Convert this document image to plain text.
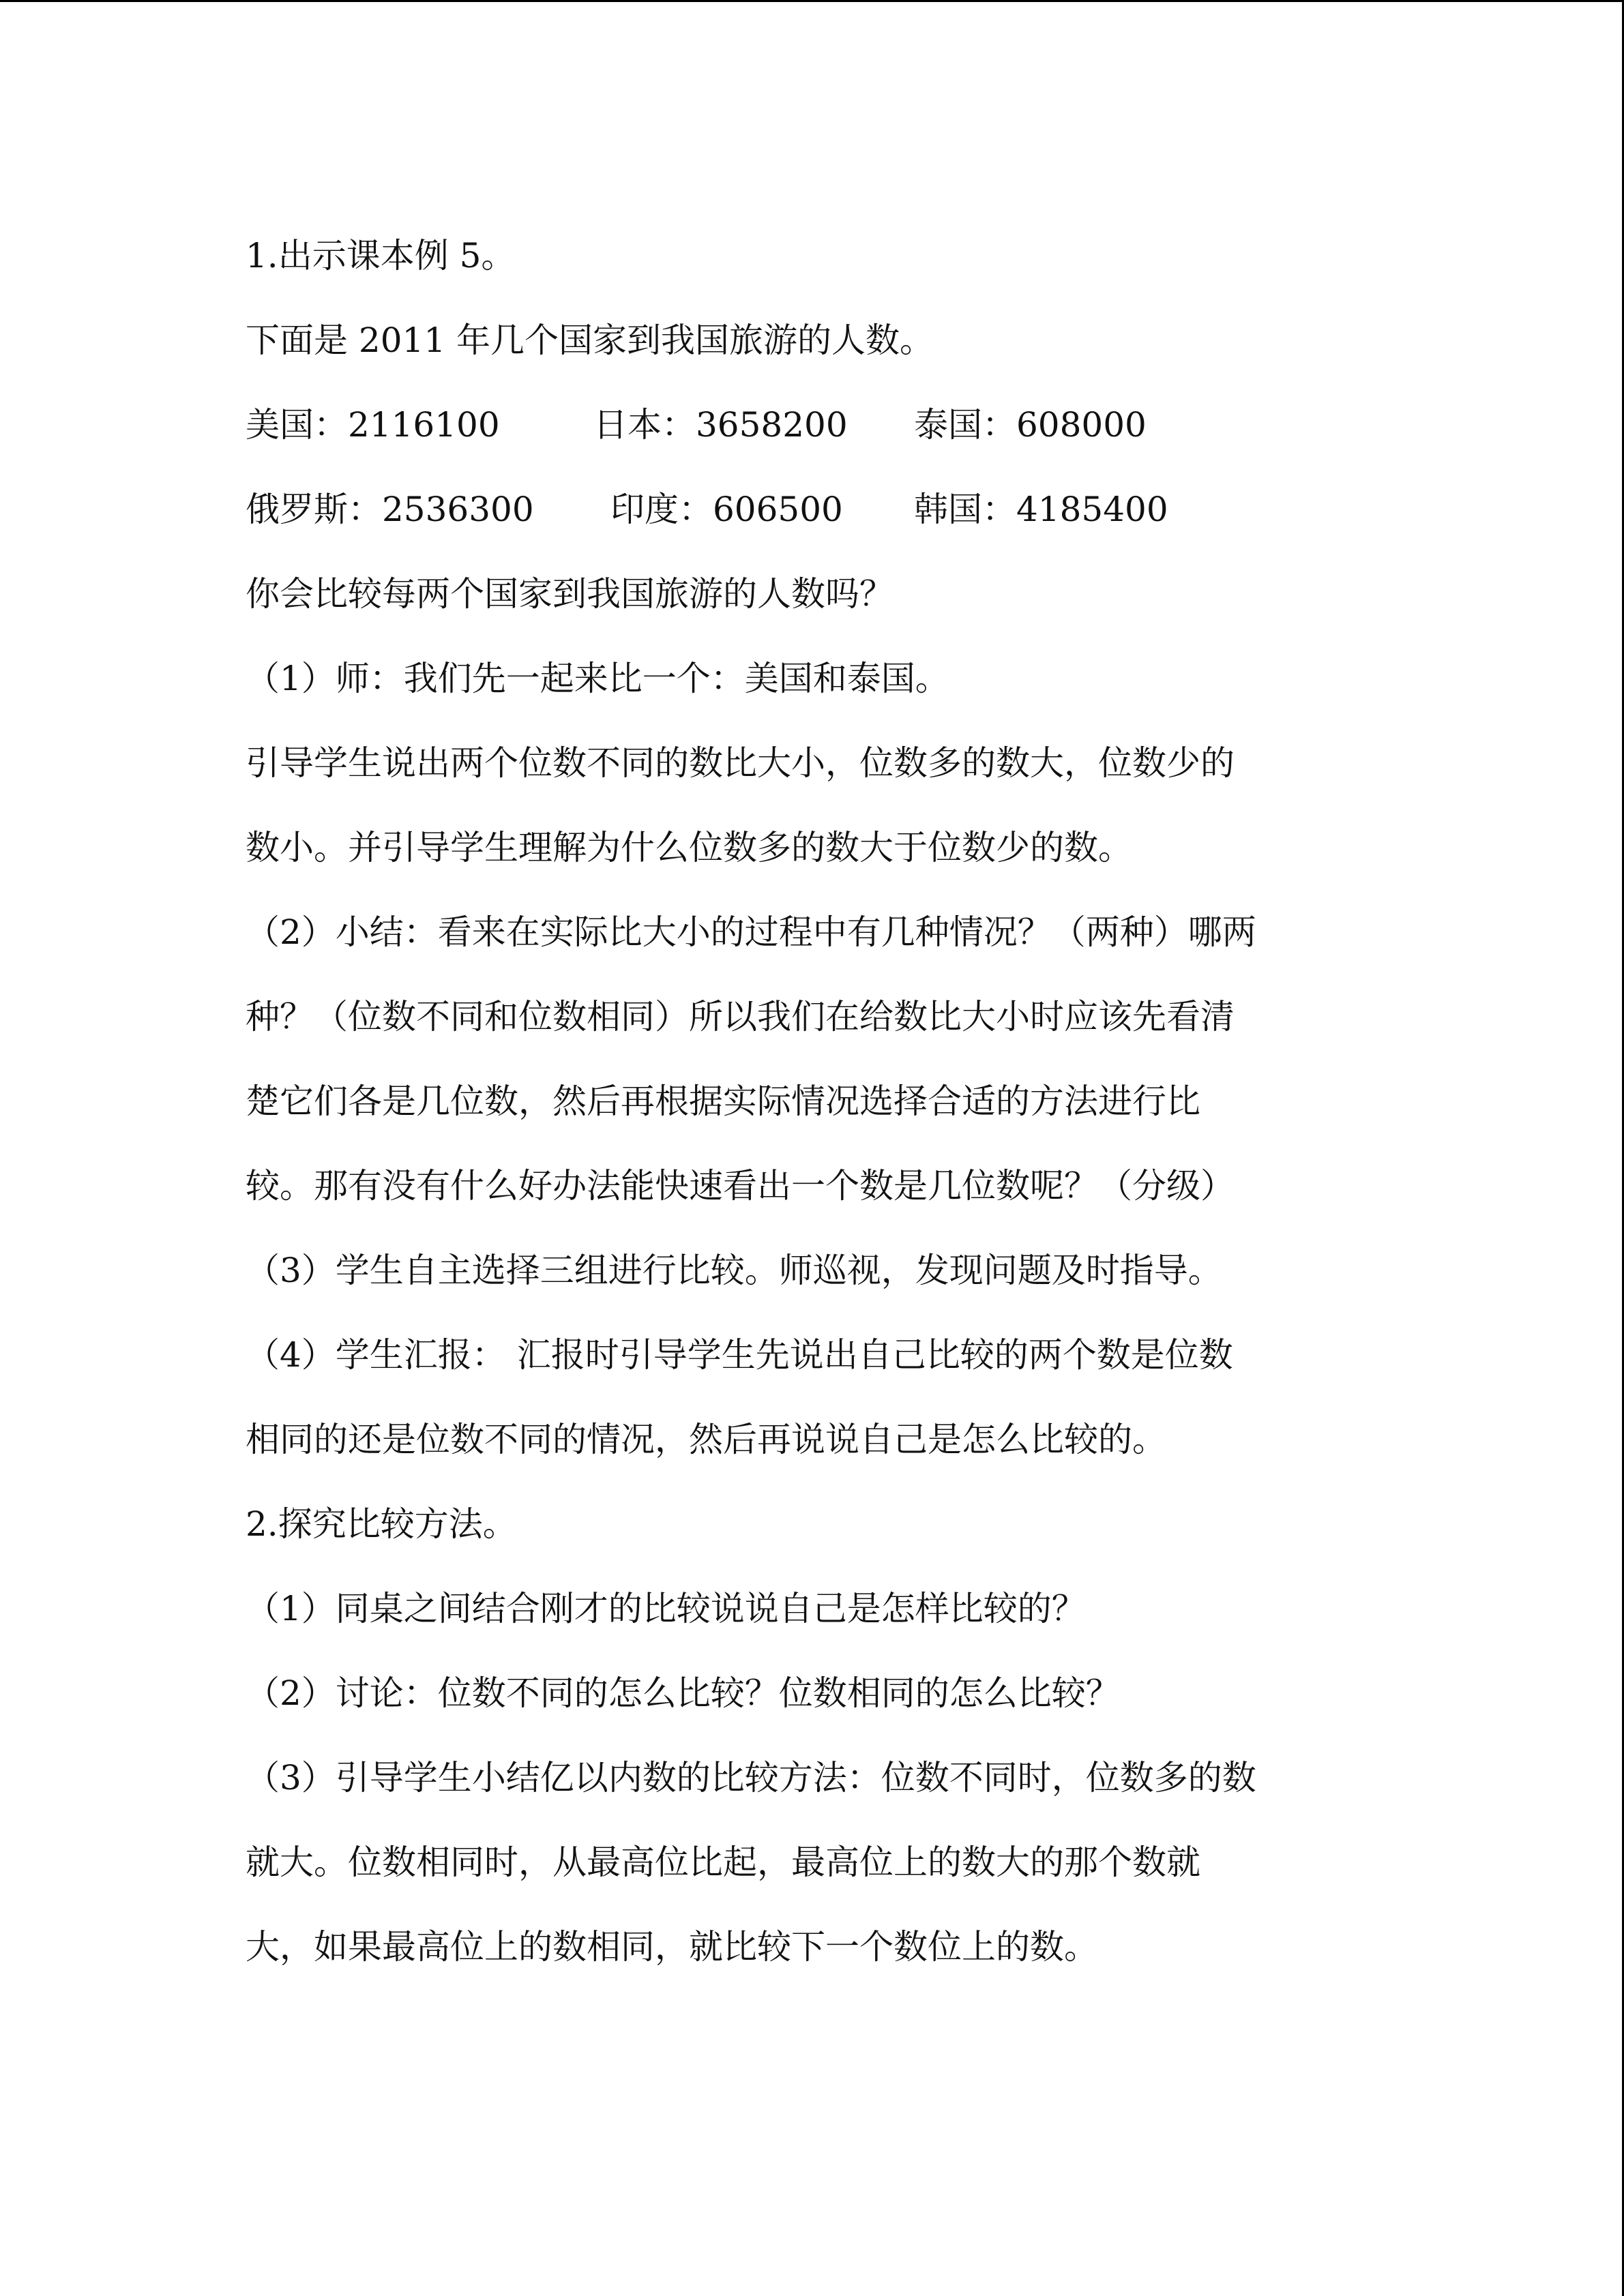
1.出示课本例 5。
下面是 2011 年几个国家到我国旅游的人数。
美国：2116100	日本：3658200 泰国：608000
俄罗斯：2536300 印度：606500 韩国：4185400
你会比较每两个国家到我国旅游的人数吗？
（1）师：我们先一起来比一个：美国和泰国。
引导学生说出两个位数不同的数比大小，位数多的数大，位数少的
数小。并引导学生理解为什么位数多的数大于位数少的数。
（2）小结：看来在实际比大小的过程中有几种情况？（两种）哪两
种？（位数不同和位数相同）所以我们在给数比大小时应该先看清
楚它们各是几位数，然后再根据实际情况选择合适的方法进行比
较。那有没有什么好办法能快速看出一个数是几位数呢？（分级）
（3）学生自主选择三组进行比较。师巡视，发现问题及时指导。
（4）学生汇报： 汇报时引导学生先说出自己比较的两个数是位数
相同的还是位数不同的情况，然后再说说自己是怎么比较的。
2.探究比较方法。
（1）同桌之间结合刚才的比较说说自己是怎样比较的？
（2）讨论：位数不同的怎么比较？位数相同的怎么比较？
（3）引导学生小结亿以内数的比较方法：位数不同时，位数多的数
就大。位数相同时，从最高位比起，最高位上的数大的那个数就
大，如果最高位上的数相同，就比较下一个数位上的数。
